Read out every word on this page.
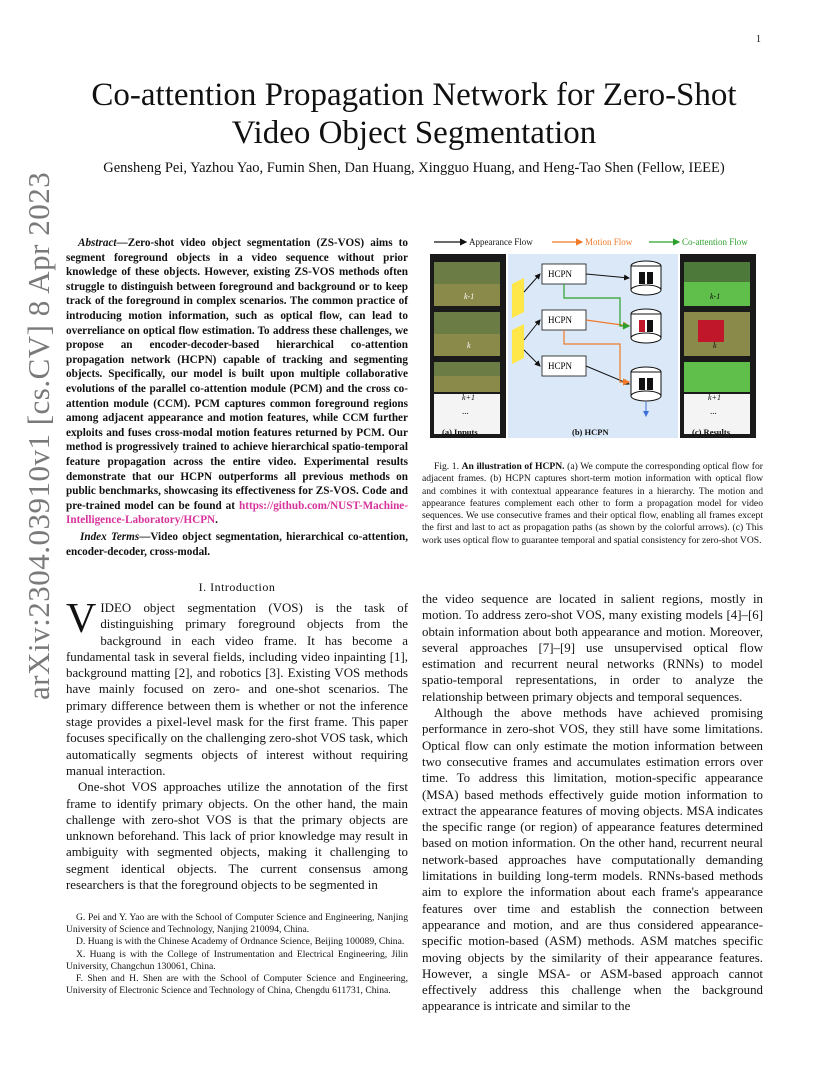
1
arXiv:2304.03910v1 [cs.CV] 8 Apr 2023
Co-attention Propagation Network for Zero-Shot
Video Object Segmentation
Gensheng Pei, Yazhou Yao, Fumin Shen, Dan Huang, Xingguo Huang, and Heng-Tao Shen (Fellow, IEEE)
Abstract—Zero-shot video object segmentation (ZS-VOS) aims to segment foreground objects in a video sequence without prior knowledge of these objects. However, existing ZS-VOS methods often struggle to distinguish between foreground and background or to keep track of the foreground in complex scenarios. The common practice of introducing motion information, such as optical flow, can lead to overreliance on optical flow estimation. To address these challenges, we propose an encoder-decoder-based hierarchical co-attention propagation network (HCPN) capable of tracking and segmenting objects. Specifically, our model is built upon multiple collaborative evolutions of the parallel co-attention module (PCM) and the cross co-attention module (CCM). PCM captures common foreground regions among adjacent appearance and motion features, while CCM further exploits and fuses cross-modal motion features returned by PCM. Our method is progressively trained to achieve hierarchical spatio-temporal feature propagation across the entire video. Experimental results demonstrate that our HCPN outperforms all previous methods on public benchmarks, showcasing its effectiveness for ZS-VOS. Code and pre-trained model can be found at https://github.com/NUST-Machine-Intelligence-Laboratory/HCPN.
Index Terms—Video object segmentation, hierarchical co-attention, encoder-decoder, cross-modal.
I. Introduction

VIDEO object segmentation (VOS) is the task of distinguishing primary foreground objects from the background in each video frame. It has become a fundamental task in several fields, including video inpainting [1], background matting [2], and robotics [3]. Existing VOS methods have mainly focused on zero- and one-shot scenarios. The primary difference between them is whether or not the inference stage provides a pixel-level mask for the first frame. This paper focuses specifically on the challenging zero-shot VOS task, which automatically segments objects of interest without requiring manual interaction.

One-shot VOS approaches utilize the annotation of the first frame to identify primary objects. On the other hand, the main challenge with zero-shot VOS is that the primary objects are unknown beforehand. This lack of prior knowledge may result in ambiguity with segmented objects, making it challenging to segment identical objects. The current consensus among researchers is that the foreground objects to be segmented in

G. Pei and Y. Yao are with the School of Computer Science and Engineering, Nanjing University of Science and Technology, Nanjing 210094, China.

D. Huang is with the Chinese Academy of Ordnance Science, Beijing 100089, China.

X. Huang is with the College of Instrumentation and Electrical Engineering, Jilin University, Changchun 130061, China.

F. Shen and H. Shen are with the School of Computer Science and Engineering, University of Electronic Science and Technology of China, Chengdu 611731, China.

Appearance Flow	Motion Flow	Co-attention Flow
k-1
k
k+1
...
HCPN
HCPN
HCPN
k-1
k
k+1
...
(a) Inputs	(b) HCPN	(c) Results
Fig. 1. An illustration of HCPN. (a) We compute the corresponding optical flow for adjacent frames. (b) HCPN captures short-term motion information with optical flow and combines it with contextual appearance features in a hierarchy. The motion and appearance features complement each other to form a propagation model for video sequences. We use consecutive frames and their optical flow, enabling all frames except the first and last to act as propagation paths (as shown by the colorful arrows). (c) This work uses optical flow to guarantee temporal and spatial consistency for zero-shot VOS.

the video sequence are located in salient regions, mostly in motion. To address zero-shot VOS, many existing models [4]–[6] obtain information about both appearance and motion. Moreover, several approaches [7]–[9] use unsupervised optical flow estimation and recurrent neural networks (RNNs) to model spatio-temporal representations, in order to analyze the relationship between primary objects and temporal sequences.

Although the above methods have achieved promising performance in zero-shot VOS, they still have some limitations. Optical flow can only estimate the motion information between two consecutive frames and accumulates estimation errors over time. To address this limitation, motion-specific appearance (MSA) based methods effectively guide motion information to extract the appearance features of moving objects. MSA indicates the specific range (or region) of appearance features determined based on motion information. On the other hand, recurrent neural network-based approaches have computationally demanding limitations in building long-term models. RNNs-based methods aim to explore the information about each frame's appearance features over time and establish the connection between appearance and motion, and are thus considered appearance-specific motion-based (ASM) methods. ASM matches specific moving objects by the similarity of their appearance features. However, a single MSA- or ASM-based approach cannot effectively address this challenge when the background appearance is intricate and similar to the
